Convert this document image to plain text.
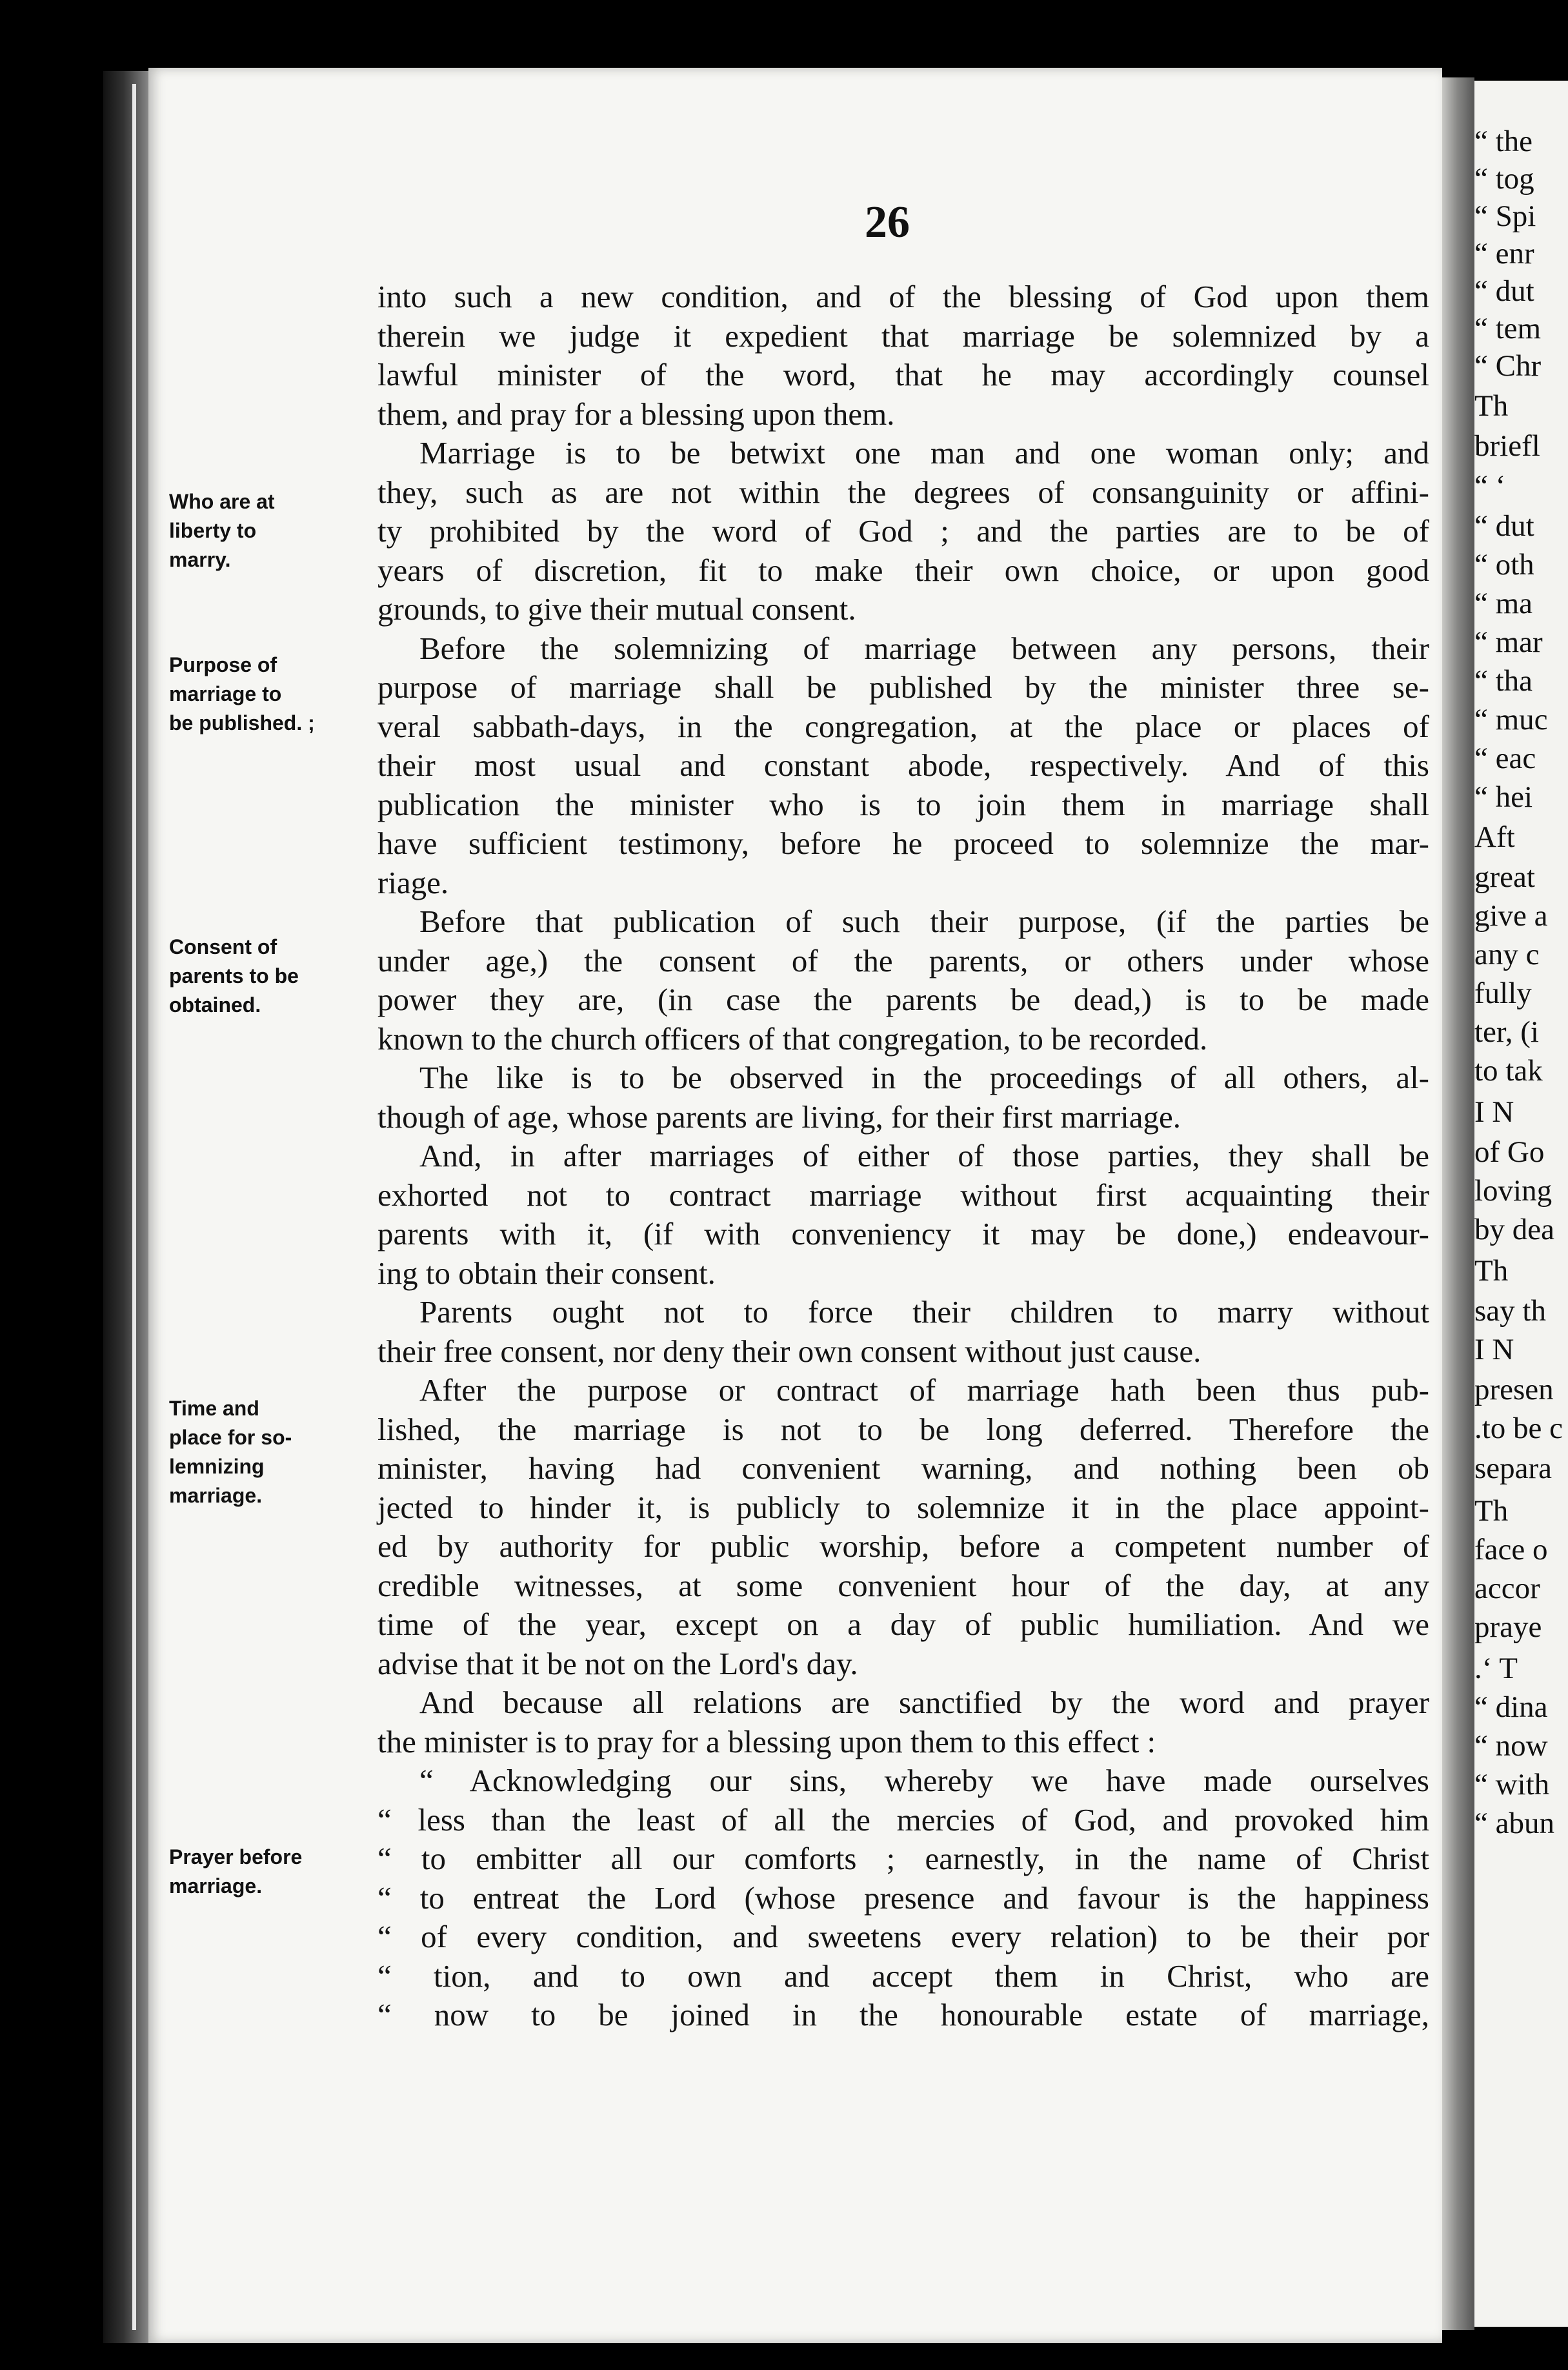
“ the
“ tog
“ Spi
“ enr
“ dut
“ tem
“ Chr
Th
briefl
“ ‘
“ dut
“ oth
“ ma
“ mar
“ tha
“ muc
“ eac
“ hei
Aft
great
give a
any c
fully
ter, (i
to tak
I N
of Go
loving
by dea
Th
say th
I N
presen
.to be c
separa
Th
face o
accor
praye
.‘ T
“ dina
“ now
“ with
“ abun
26
Who are at
liberty to
marry.
Purpose of
marriage to
be published. ;
Consent of
parents to be
obtained.
Time and
place for so-
lemnizing
marriage.
Prayer before
marriage.
into such a new condition, and of the blessing of God upon them
therein we judge it expedient that marriage be solemnized by a
lawful minister of the word, that he may accordingly counsel
them, and pray for a blessing upon them.
Marriage is to be betwixt one man and one woman only; and
they, such as are not within the degrees of consanguinity or affini-
ty prohibited by the word of God ; and the parties are to be of
years of discretion, fit to make their own choice, or upon good
grounds, to give their mutual consent.
Before the solemnizing of marriage between any persons, their
purpose of marriage shall be published by the minister three se-
veral sabbath-days, in the congregation, at the place or places of
their most usual and constant abode, respectively. And of this
publication the minister who is to join them in marriage shall
have sufficient testimony, before he proceed to solemnize the mar-
riage.
Before that publication of such their purpose, (if the parties be
under age,) the consent of the parents, or others under whose
power they are, (in case the parents be dead,) is to be made
known to the church officers of that congregation, to be recorded.
The like is to be observed in the proceedings of all others, al-
though of age, whose parents are living, for their first marriage.
And, in after marriages of either of those parties, they shall be
exhorted not to contract marriage without first acquainting their
parents with it, (if with conveniency it may be done,) endeavour-
ing to obtain their consent.
Parents ought not to force their children to marry without
their free consent, nor deny their own consent without just cause.
After the purpose or contract of marriage hath been thus pub-
lished, the marriage is not to be long deferred. Therefore the
minister, having had convenient warning, and nothing been ob
jected to hinder it, is publicly to solemnize it in the place appoint-
ed by authority for public worship, before a competent number of
credible witnesses, at some convenient hour of the day, at any
time of the year, except on a day of public humiliation. And we
advise that it be not on the Lord's day.
And because all relations are sanctified by the word and prayer
the minister is to pray for a blessing upon them to this effect :
“ Acknowledging our sins, whereby we have made ourselves
“ less than the least of all the mercies of God, and provoked him
“ to embitter all our comforts ; earnestly, in the name of Christ
“ to entreat the Lord (whose presence and favour is the happiness
“ of every condition, and sweetens every relation) to be their por
“ tion, and to own and accept them in Christ, who are
“ now to be joined in the honourable estate of marriage,
